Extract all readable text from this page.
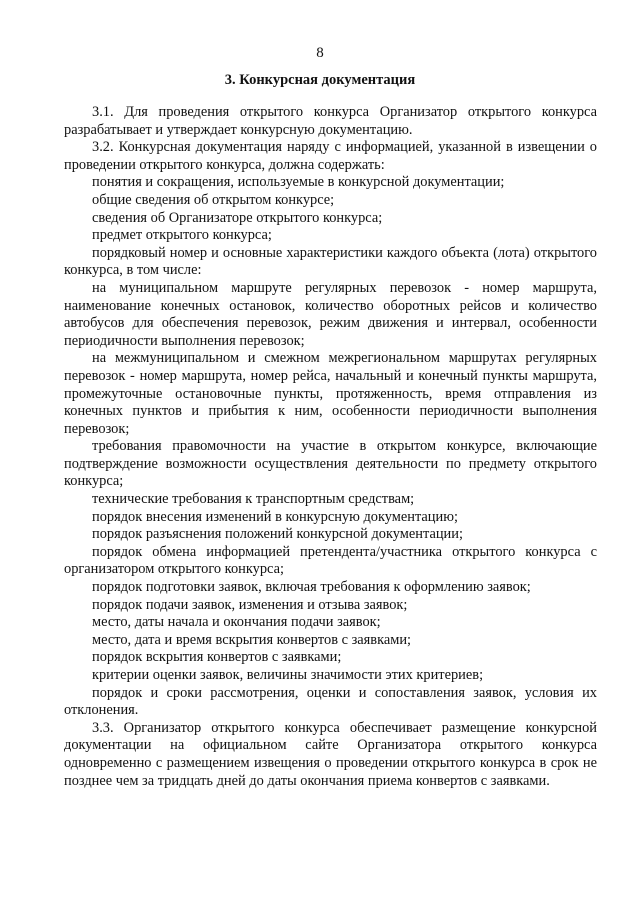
8
3. Конкурсная документация

3.1. Для проведения открытого конкурса Организатор открытого конкурса разрабатывает и утверждает конкурсную документацию.

3.2. Конкурсная документация наряду с информацией, указанной в извещении о проведении открытого конкурса, должна содержать:

понятия и сокращения, используемые в конкурсной документации;

общие сведения об открытом конкурсе;

сведения об Организаторе открытого конкурса;

предмет открытого конкурса;

порядковый номер и основные характеристики каждого объекта (лота) открытого конкурса, в том числе:

на муниципальном маршруте регулярных перевозок - номер маршрута, наименование конечных остановок, количество оборотных рейсов и количество автобусов для обеспечения перевозок, режим движения и интервал, особенности периодичности выполнения перевозок;

на межмуниципальном и смежном межрегиональном маршрутах регулярных перевозок - номер маршрута, номер рейса, начальный и конечный пункты маршрута, промежуточные остановочные пункты, протяженность, время отправления из конечных пунктов и прибытия к ним, особенности периодичности выполнения перевозок;

требования правомочности на участие в открытом конкурсе, включающие подтверждение возможности осуществления деятельности по предмету открытого конкурса;

технические требования к транспортным средствам;

порядок внесения изменений в конкурсную документацию;

порядок разъяснения положений конкурсной документации;

порядок обмена информацией претендента/участника открытого конкурса с организатором открытого конкурса;

порядок подготовки заявок, включая требования к оформлению заявок;

порядок подачи заявок, изменения и отзыва заявок;

место, даты начала и окончания подачи заявок;

место, дата и время вскрытия конвертов с заявками;

порядок вскрытия конвертов с заявками;

критерии оценки заявок, величины значимости этих критериев;

порядок и сроки рассмотрения, оценки и сопоставления заявок, условия их отклонения.

3.3. Организатор открытого конкурса обеспечивает размещение конкурсной документации на официальном сайте Организатора открытого конкурса одновременно с размещением извещения о проведении открытого конкурса в срок не позднее чем за тридцать дней до даты окончания приема конвертов с заявками.
